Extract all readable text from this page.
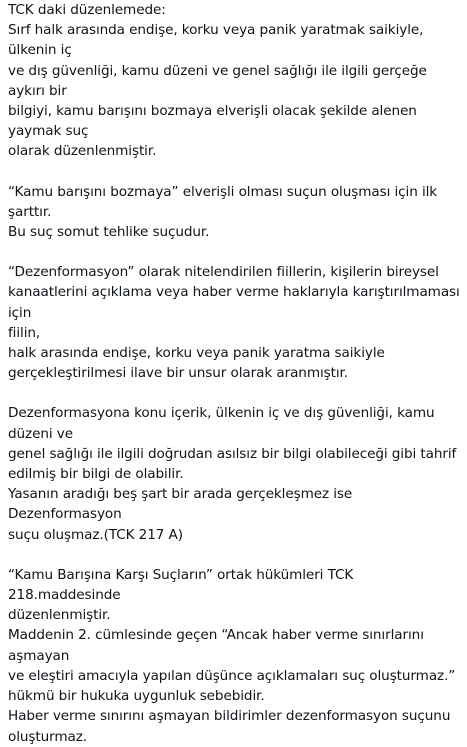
TCK daki düzenlemede:

Sırf halk arasında endişe, korku veya panik yaratmak saikiyle, ülkenin iç

ve dış güvenliği, kamu düzeni ve genel sağlığı ile ilgili gerçeğe aykırı bir

bilgiyi, kamu barışını bozmaya elverişli olacak şekilde alenen yaymak suç

olarak düzenlenmiştir.

“Kamu barışını bozmaya” elverişli olması suçun oluşması için ilk şarttır.

Bu suç somut tehlike suçudur.

“Dezenformasyon” olarak nitelendirilen fiillerin, kişilerin bireysel

kanaatlerini açıklama veya haber verme haklarıyla karıştırılmaması için

fiilin,

halk arasında endişe, korku veya panik yaratma saikiyle

gerçekleştirilmesi ilave bir unsur olarak aranmıştır.

Dezenformasyona konu içerik, ülkenin iç ve dış güvenliği, kamu düzeni ve

genel sağlığı ile ilgili doğrudan asılsız bir bilgi olabileceği gibi tahrif

edilmiş bir bilgi de olabilir.

Yasanın aradığı beş şart bir arada gerçekleşmez ise Dezenformasyon

suçu oluşmaz.(TCK 217 A)

“Kamu Barışına Karşı Suçların” ortak hükümleri TCK 218.maddesinde

düzenlenmiştir.

Maddenin 2. cümlesinde geçen “Ancak haber verme sınırlarını aşmayan

ve eleştiri amacıyla yapılan düşünce açıklamaları suç oluşturmaz.”

hükmü bir hukuka uygunluk sebebidir.

Haber verme sınırını aşmayan bildirimler dezenformasyon suçunu

oluşturmaz.
